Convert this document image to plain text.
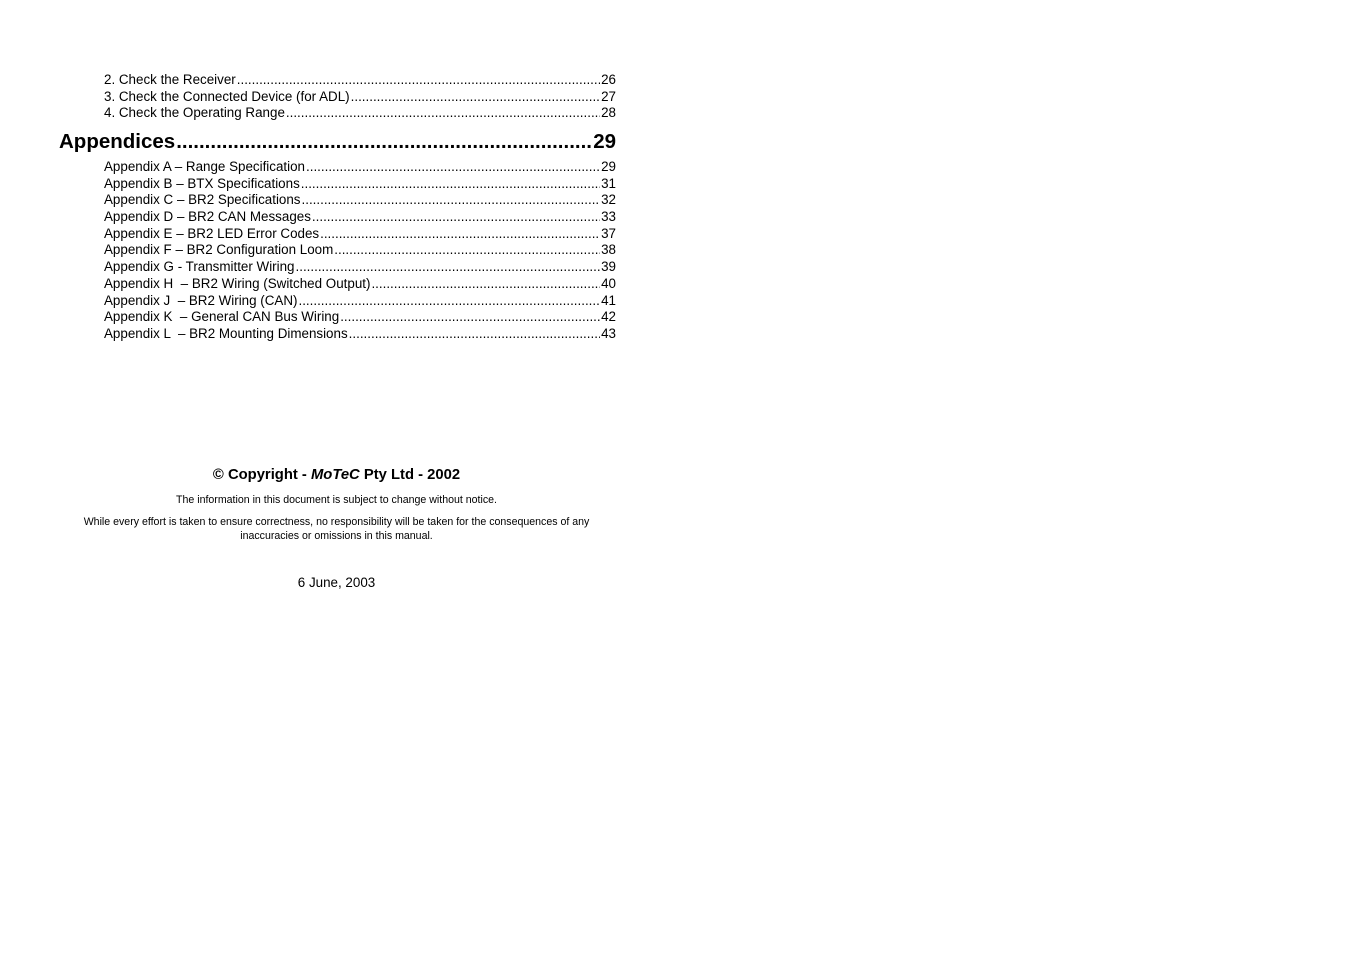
2. Check the Receiver .....	26
3. Check the Connected Device (for ADL) .....	27
4. Check the Operating Range .....	28
Appendices .....	29
Appendix A – Range Specification .....	29
Appendix B – BTX Specifications .....	31
Appendix C – BR2 Specifications .....	32
Appendix D – BR2 CAN Messages .....	33
Appendix E – BR2 LED Error Codes .....	37
Appendix F – BR2 Configuration Loom .....	38
Appendix G - Transmitter Wiring .....	39
Appendix H  – BR2 Wiring (Switched Output) .....	40
Appendix J  – BR2 Wiring (CAN) .....	41
Appendix K  – General CAN Bus Wiring .....	42
Appendix L  – BR2 Mounting Dimensions .....	43
© Copyright - MoTeC Pty Ltd - 2002
The information in this document is subject to change without notice.
While every effort is taken to ensure correctness, no responsibility will be taken for the consequences of any
inaccuracies or omissions in this manual.
6 June, 2003
